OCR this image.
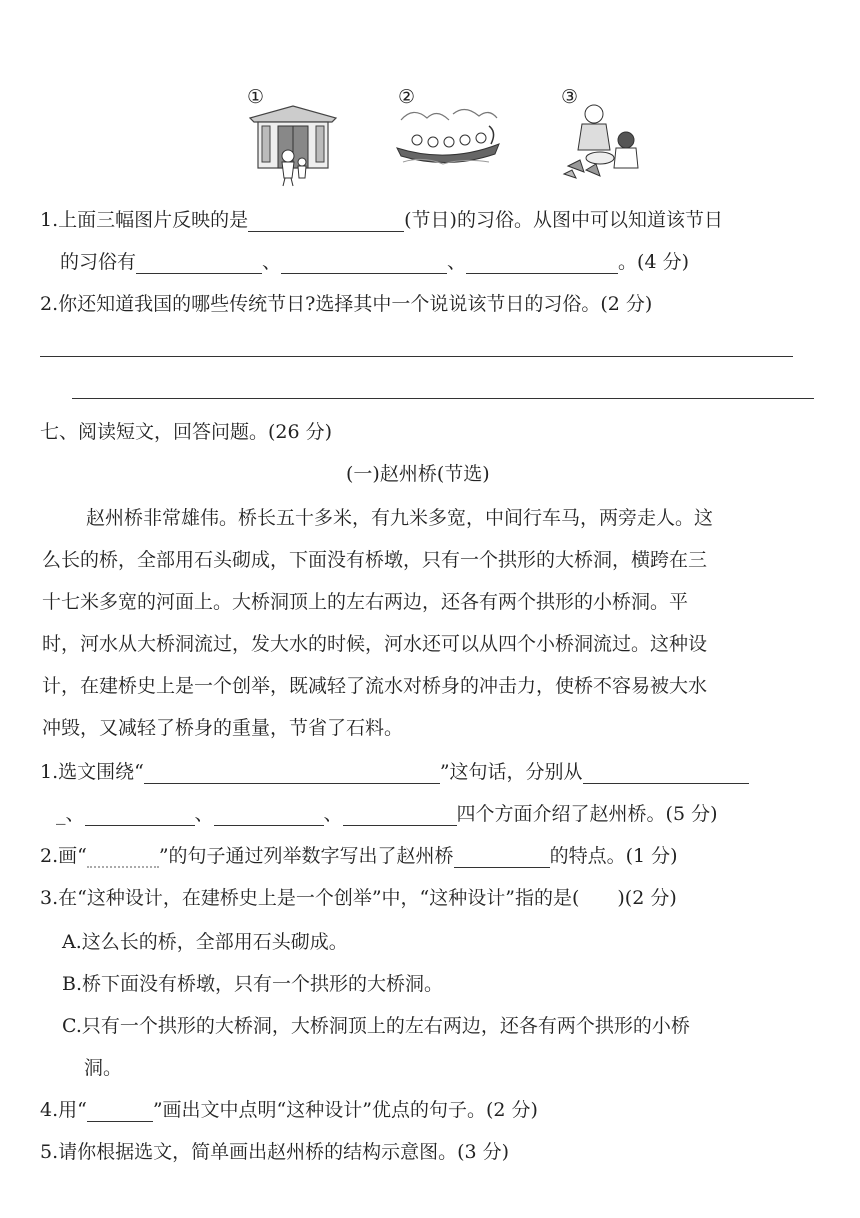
①	②	③
1.上面三幅图片反映的是	(节日)的习俗。从图中可以知道该节日
的习俗有	、	、	。(4 分)
2.你还知道我国的哪些传统节日?选择其中一个说说该节日的习俗。(2 分)
七、阅读短文，回答问题。(26 分)
(一)赵州桥(节选)
赵州桥非常雄伟。桥长五十多米，有九米多宽，中间行车马，两旁走人。这
么长的桥，全部用石头砌成，下面没有桥墩，只有一个拱形的大桥洞，横跨在三
十七米多宽的河面上。大桥洞顶上的左右两边，还各有两个拱形的小桥洞。平
时，河水从大桥洞流过，发大水的时候，河水还可以从四个小桥洞流过。这种设
计，在建桥史上是一个创举，既减轻了流水对桥身的冲击力，使桥不容易被大水
冲毁，又减轻了桥身的重量，节省了石料。
1.选文围绕“	”这句话，分别从
_、	、	、	四个方面介绍了赵州桥。(5 分)
2.画“	”的句子通过列举数字写出了赵州桥	的特点。(1 分)
3.在“这种设计，在建桥史上是一个创举”中，“这种设计”指的是(　　)(2 分)
A.这么长的桥，全部用石头砌成。
B.桥下面没有桥墩，只有一个拱形的大桥洞。
C.只有一个拱形的大桥洞，大桥洞顶上的左右两边，还各有两个拱形的小桥
洞。
4.用“	”画出文中点明“这种设计”优点的句子。(2 分)
5.请你根据选文，简单画出赵州桥的结构示意图。(3 分)
